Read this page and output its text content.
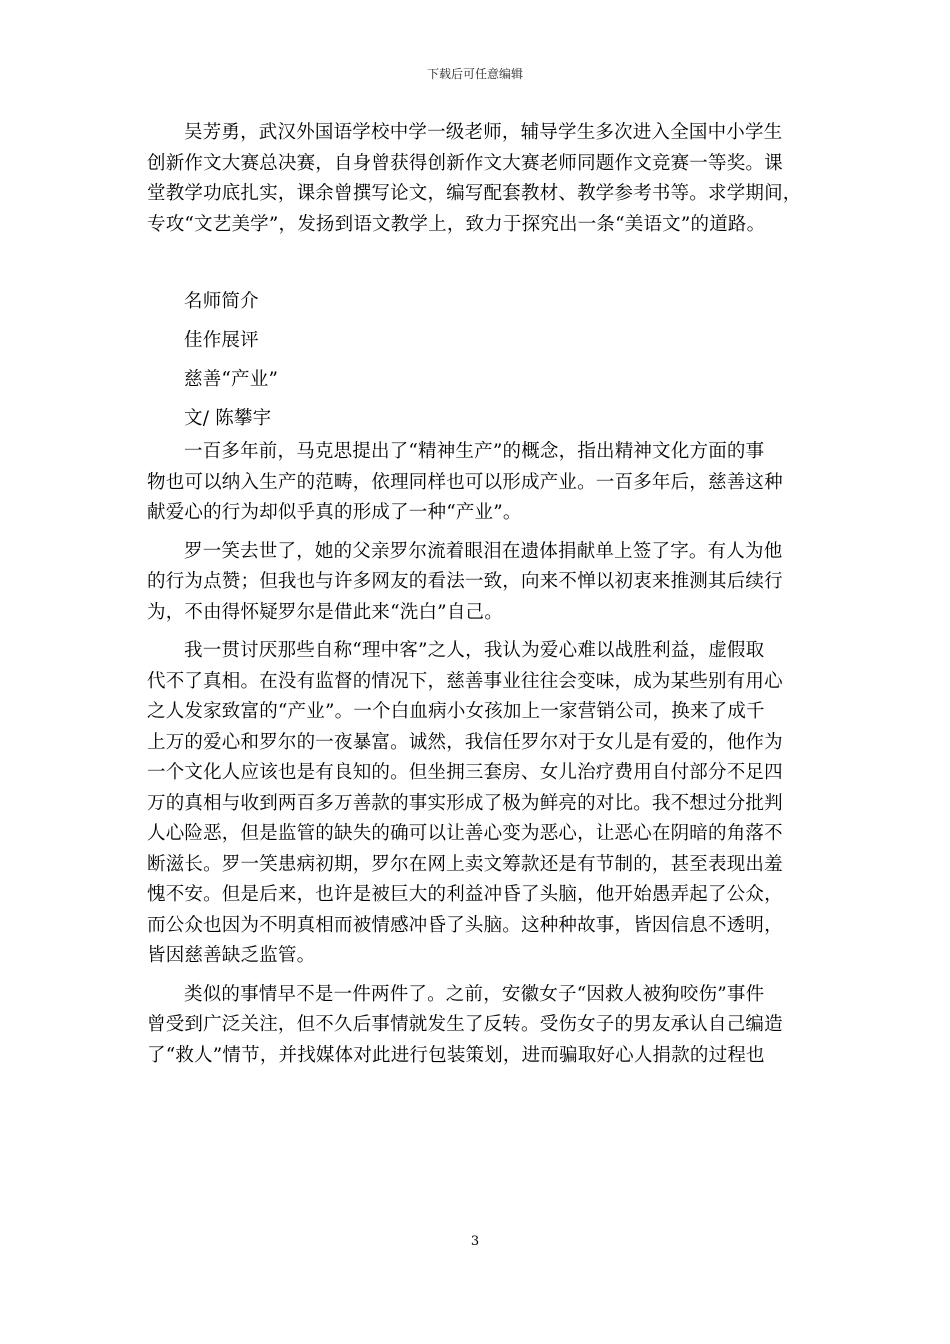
下载后可任意编辑
吴芳勇，武汉外国语学校中学一级老师，辅导学生多次进入全国中小学生
创新作文大赛总决赛，自身曾获得创新作文大赛老师同题作文竞赛一等奖。课
堂教学功底扎实，课余曾撰写论文，编写配套教材、教学参考书等。求学期间，
专攻“文艺美学”，发扬到语文教学上，致力于探究出一条“美语文”的道路。
名师简介
佳作展评
慈善“产业”
文/ 陈攀宇
一百多年前，马克思提出了“精神生产”的概念，指出精神文化方面的事
物也可以纳入生产的范畴，依理同样也可以形成产业。一百多年后，慈善这种
献爱心的行为却似乎真的形成了一种“产业”。
罗一笑去世了，她的父亲罗尔流着眼泪在遗体捐献单上签了字。有人为他
的行为点赞；但我也与许多网友的看法一致，向来不惮以初衷来推测其后续行
为，不由得怀疑罗尔是借此来“洗白”自己。
我一贯讨厌那些自称“理中客”之人，我认为爱心难以战胜利益，虚假取
代不了真相。在没有监督的情况下，慈善事业往往会变味，成为某些别有用心
之人发家致富的“产业”。一个白血病小女孩加上一家营销公司，换来了成千
上万的爱心和罗尔的一夜暴富。诚然，我信任罗尔对于女儿是有爱的，他作为
一个文化人应该也是有良知的。但坐拥三套房、女儿治疗费用自付部分不足四
万的真相与收到两百多万善款的事实形成了极为鲜亮的对比。我不想过分批判
人心险恶，但是监管的缺失的确可以让善心变为恶心，让恶心在阴暗的角落不
断滋长。罗一笑患病初期，罗尔在网上卖文筹款还是有节制的，甚至表现出羞
愧不安。但是后来，也许是被巨大的利益冲昏了头脑，他开始愚弄起了公众，
而公众也因为不明真相而被情感冲昏了头脑。这种种故事，皆因信息不透明，
皆因慈善缺乏监管。
类似的事情早不是一件两件了。之前，安徽女子“因救人被狗咬伤”事件
曾受到广泛关注，但不久后事情就发生了反转。受伤女子的男友承认自己编造
了“救人”情节，并找媒体对此进行包装策划，进而骗取好心人捐款的过程也
3
